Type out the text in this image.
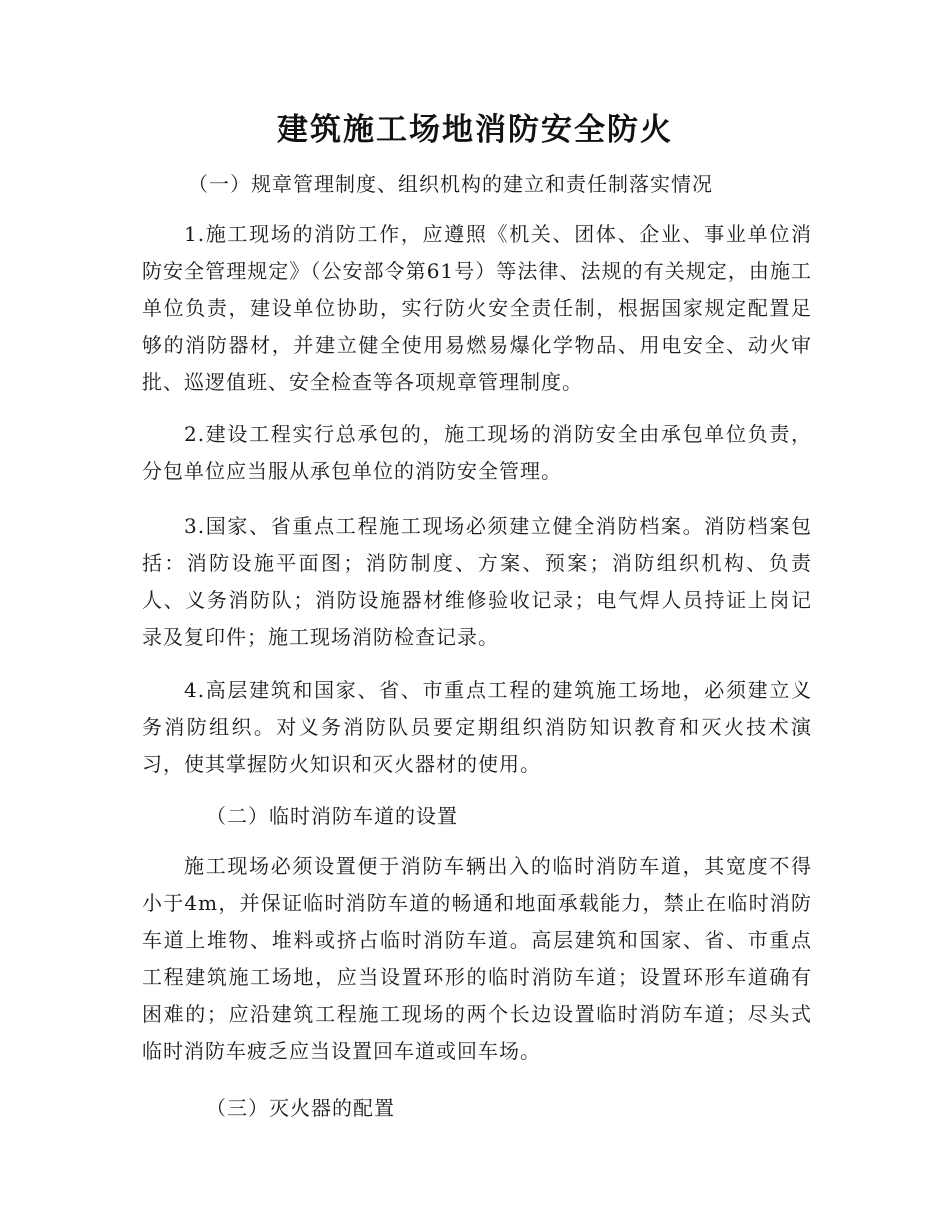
建筑施工场地消防安全防火
（一）规章管理制度、组织机构的建立和责任制落实情况
1.施工现场的消防工作，应遵照《机关、团体、企业、事业单位消防安全管理规定》（公安部令第61号）等法律、法规的有关规定，由施工单位负责，建设单位协助，实行防火安全责任制，根据国家规定配置足够的消防器材，并建立健全使用易燃易爆化学物品、用电安全、动火审批、巡逻值班、安全检查等各项规章管理制度。
2.建设工程实行总承包的，施工现场的消防安全由承包单位负责，分包单位应当服从承包单位的消防安全管理。
3.国家、省重点工程施工现场必须建立健全消防档案。消防档案包括：消防设施平面图；消防制度、方案、预案；消防组织机构、负责人、义务消防队；消防设施器材维修验收记录；电气焊人员持证上岗记录及复印件；施工现场消防检查记录。
4.高层建筑和国家、省、市重点工程的建筑施工场地，必须建立义务消防组织。对义务消防队员要定期组织消防知识教育和灭火技术演习，使其掌握防火知识和灭火器材的使用。
（二）临时消防车道的设置
施工现场必须设置便于消防车辆出入的临时消防车道，其宽度不得小于4m，并保证临时消防车道的畅通和地面承载能力，禁止在临时消防车道上堆物、堆料或挤占临时消防车道。高层建筑和国家、省、市重点工程建筑施工场地，应当设置环形的临时消防车道；设置环形车道确有困难的；应沿建筑工程施工现场的两个长边设置临时消防车道；尽头式临时消防车疲乏应当设置回车道或回车场。
（三）灭火器的配置
